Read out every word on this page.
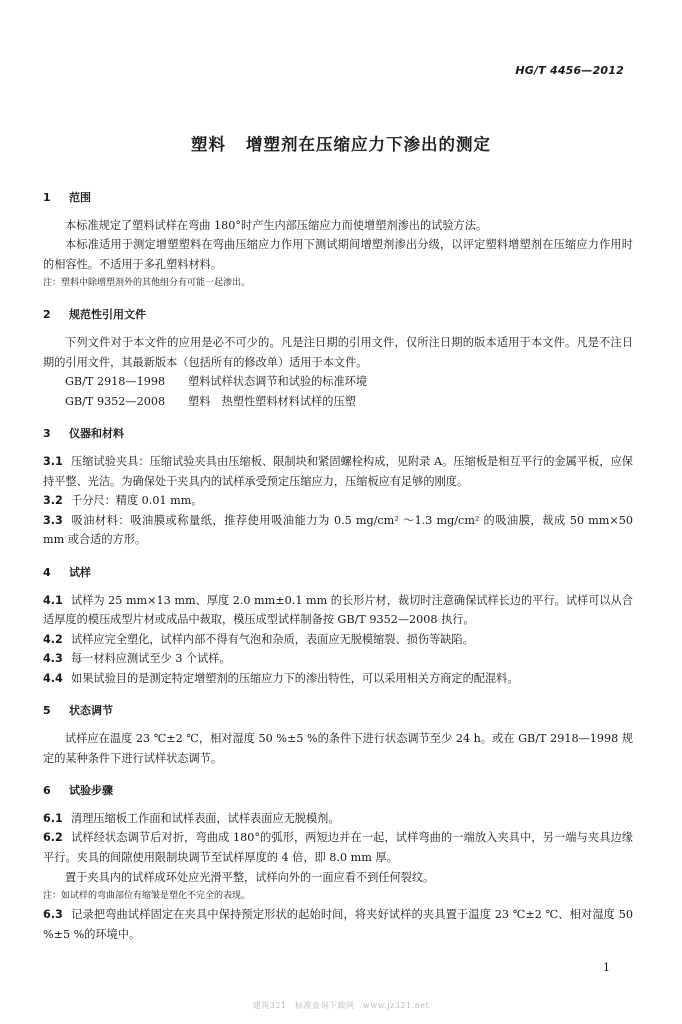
HG/T 4456—2012
塑料 增塑剂在压缩应力下渗出的测定
1 范围

本标准规定了塑料试样在弯曲 180°时产生内部压缩应力而使增塑剂渗出的试验方法。

本标准适用于测定增塑塑料在弯曲压缩应力作用下测试期间增塑剂渗出分级，以评定塑料增塑剂在压缩应力作用时的相容性。不适用于多孔塑料材料。

注：塑料中除增塑剂外的其他组分有可能一起渗出。

2 规范性引用文件

下列文件对于本文件的应用是必不可少的。凡是注日期的引用文件，仅所注日期的版本适用于本文件。凡是不注日期的引用文件，其最新版本（包括所有的修改单）适用于本文件。

GB/T 2918—1998 塑料试样状态调节和试验的标准环境

GB/T 9352—2008 塑料　热塑性塑料材料试样的压塑

3 仪器和材料

3.1 压缩试验夹具：压缩试验夹具由压缩板、限制块和紧固螺栓构成，见附录 A。压缩板是相互平行的金属平板，应保持平整、光洁。为确保处于夹具内的试样承受预定压缩应力，压缩板应有足够的刚度。

3.2 千分尺：精度 0.01 mm。

3.3 吸油材料：吸油膜或称量纸，推荐使用吸油能力为 0.5 mg/cm² ～1.3 mg/cm² 的吸油膜，裁成 50 mm×50 mm 或合适的方形。

4 试样

4.1 试样为 25 mm×13 mm、厚度 2.0 mm±0.1 mm 的长形片材，裁切时注意确保试样长边的平行。试样可以从合适厚度的模压成型片材或成品中裁取，模压成型试样制备按 GB/T 9352—2008 执行。

4.2 试样应完全塑化，试样内部不得有气泡和杂质，表面应无脱模缩裂、损伤等缺陷。

4.3 每一材料应测试至少 3 个试样。

4.4 如果试验目的是测定特定增塑剂的压缩应力下的渗出特性，可以采用相关方商定的配混料。

5 状态调节

试样应在温度 23 ℃±2 ℃，相对湿度 50 %±5 %的条件下进行状态调节至少 24 h。或在 GB/T 2918—1998 规定的某种条件下进行试样状态调节。

6 试验步骤

6.1 清理压缩板工作面和试样表面，试样表面应无脱模剂。

6.2 试样经状态调节后对折，弯曲成 180°的弧形，两短边并在一起，试样弯曲的一端放入夹具中，另一端与夹具边缘平行。夹具的间隙使用限制块调节至试样厚度的 4 倍，即 8.0 mm 厚。

置于夹具内的试样成环处应光滑平整，试样向外的一面应看不到任何裂纹。

注：如试样的弯曲部位有缩皱是塑化不完全的表现。

6.3 记录把弯曲试样固定在夹具中保持预定形状的起始时间，将夹好试样的夹具置于温度 23 ℃±2 ℃、相对湿度 50 %±5 %的环境中。

1
建筑321　标准查询下载网　www.jz321.net
